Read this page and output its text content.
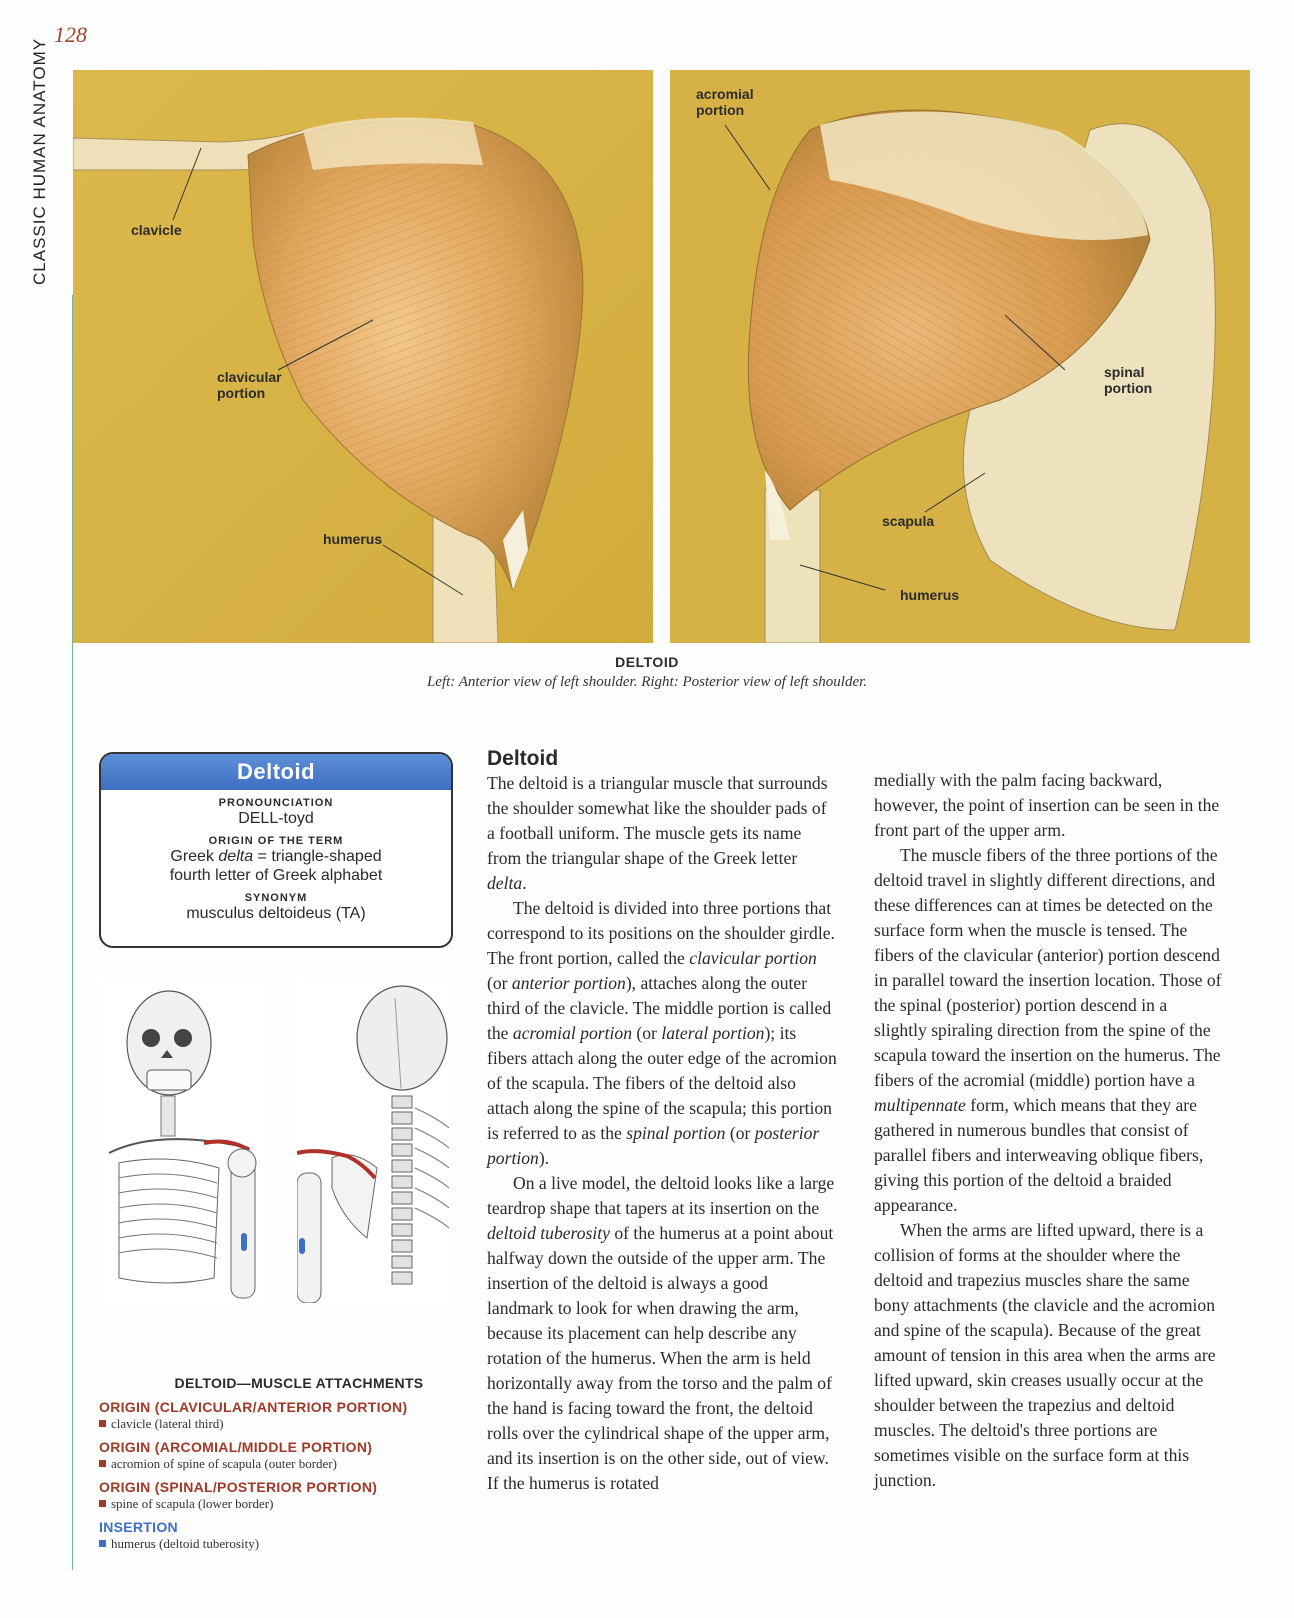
128
CLASSIC HUMAN ANATOMY	clavicle
clavicular portion
humerus
acromial portion
spinal portion
scapula
humerus
DELTOID
Left: Anterior view of left shoulder. Right: Posterior view of left shoulder.
Deltoid
PRONOUNCIATION
DELL-toyd
ORIGIN OF THE TERM
Greek delta = triangle-shaped
fourth letter of Greek alphabet
SYNONYM
musculus deltoideus (TA)
DELTOID—MUSCLE ATTACHMENTS
ORIGIN (CLAVICULAR/ANTERIOR PORTION)
clavicle (lateral third)
ORIGIN (ARCOMIAL/MIDDLE PORTION)
acromion of spine of scapula (outer border)
ORIGIN (SPINAL/POSTERIOR PORTION)
spine of scapula (lower border)
INSERTION
humerus (deltoid tuberosity)
Deltoid

The deltoid is a triangular muscle that surrounds the shoulder somewhat like the shoulder pads of a football uniform. The muscle gets its name from the triangular shape of the Greek letter delta.

The deltoid is divided into three portions that correspond to its positions on the shoulder girdle. The front portion, called the clavicular portion (or anterior portion), attaches along the outer third of the clavicle. The middle portion is called the acromial portion (or lateral portion); its fibers attach along the outer edge of the acromion of the scapula. The fibers of the deltoid also attach along the spine of the scapula; this portion is referred to as the spinal portion (or posterior portion).

On a live model, the deltoid looks like a large teardrop shape that tapers at its insertion on the deltoid tuberosity of the humerus at a point about halfway down the outside of the upper arm. The insertion of the deltoid is always a good landmark to look for when drawing the arm, because its placement can help describe any rotation of the humerus. When the arm is held horizontally away from the torso and the palm of the hand is facing toward the front, the deltoid rolls over the cylindrical shape of the upper arm, and its insertion is on the other side, out of view. If the humerus is rotated

medially with the palm facing backward, however, the point of insertion can be seen in the front part of the upper arm.

The muscle fibers of the three portions of the deltoid travel in slightly different directions, and these differences can at times be detected on the surface form when the muscle is tensed. The fibers of the clavicular (anterior) portion descend in parallel toward the insertion location. Those of the spinal (posterior) portion descend in a slightly spiraling direction from the spine of the scapula toward the insertion on the humerus. The fibers of the acromial (middle) portion have a multipennate form, which means that they are gathered in numerous bundles that consist of parallel fibers and interweaving oblique fibers, giving this portion of the deltoid a braided appearance.

When the arms are lifted upward, there is a collision of forms at the shoulder where the deltoid and trapezius muscles share the same bony attachments (the clavicle and the acromion and spine of the scapula). Because of the great amount of tension in this area when the arms are lifted upward, skin creases usually occur at the shoulder between the trapezius and deltoid muscles. The deltoid's three portions are sometimes visible on the surface form at this junction.
